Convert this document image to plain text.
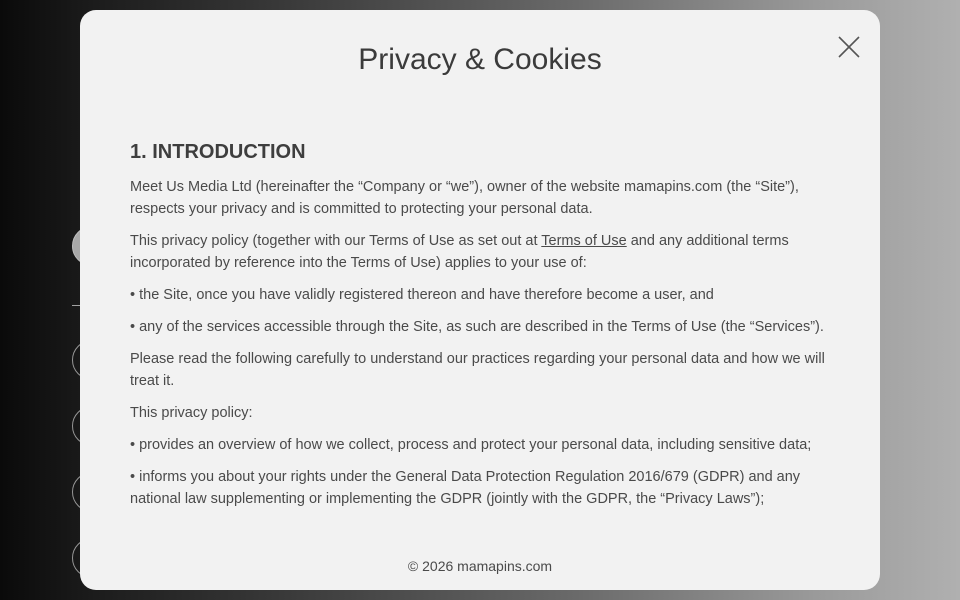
Privacy & Cookies
1. INTRODUCTION

Meet Us Media Ltd (hereinafter the “Company or “we”), owner of the website mamapins.com (the “Site”), respects your privacy and is committed to protecting your personal data.

This privacy policy (together with our Terms of Use as set out at Terms of Use and any additional terms incorporated by reference into the Terms of Use) applies to your use of:

• the Site, once you have validly registered thereon and have therefore become a user, and

• any of the services accessible through the Site, as such are described in the Terms of Use (the “Services”).

Please read the following carefully to understand our practices regarding your personal data and how we will treat it.

This privacy policy:

• provides an overview of how we collect, process and protect your personal data, including sensitive data;

• informs you about your rights under the General Data Protection Regulation 2016/679 (GDPR) and any national law supplementing or implementing the GDPR (jointly with the GDPR, the “Privacy Laws”);

© 2026 mamapins.com
